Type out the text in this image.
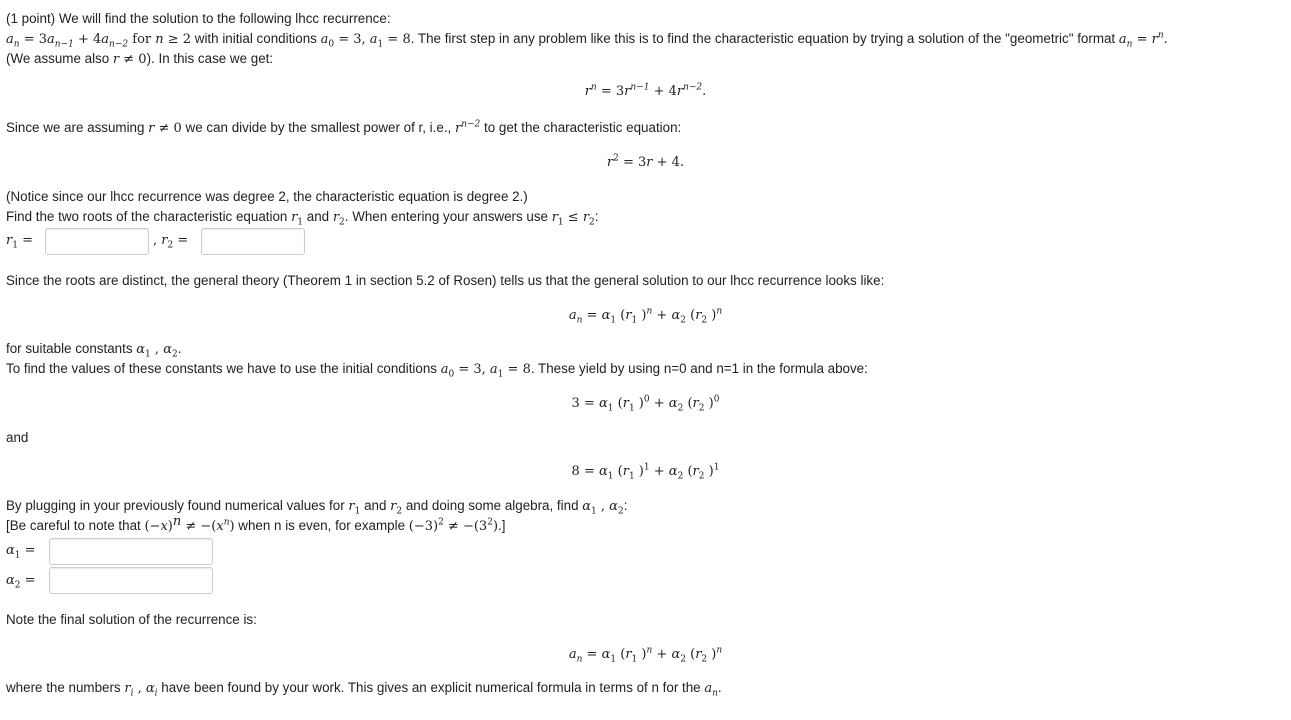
(1 point) We will find the solution to the following lhcc recurrence:
$a_n = 3a_{n-1} + 4a_{n-2}$ for n ≥ 2 with initial conditions $a_0 = 3$, $a_1 = 8$. The first step in any problem like this is to find the characteristic equation by trying a solution of the "geometric" format $a_n = r^n$.
(We assume also r ≠ 0). In this case we get:
$r^n = 3r^{n-1} + 4r^{n-2}$.
Since we are assuming r ≠ 0 we can divide by the smallest power of r, i.e., $r^{n-2}$ to get the characteristic equation:
$r^2 = 3r + 4$.
(Notice since our lhcc recurrence was degree 2, the characteristic equation is degree 2.)
Find the two roots of the characteristic equation $r_1$ and $r_2$. When entering your answers use $r_1 \le r_2$:
$r_1$ =	, $r_2$ =
Since the roots are distinct, the general theory (Theorem 1 in section 5.2 of Rosen) tells us that the general solution to our lhcc recurrence looks like:
$a_n = \alpha_1$ ($r_1$ )$^n + \alpha_2$ ($r_2$ )$^n$
for suitable constants $\alpha_1$ , $\alpha_2$.
To find the values of these constants we have to use the initial conditions $a_0 = 3$, $a_1 = 8$. These yield by using n=0 and n=1 in the formula above:
$3 = \alpha_1$ ($r_1$ )$^0 + \alpha_2$ ($r_2$ )$^0$
and
$8 = \alpha_1$ ($r_1$ )$^1 + \alpha_2$ ($r_2$ )$^1$
By plugging in your previously found numerical values for $r_1$ and $r_2$ and doing some algebra, find $\alpha_1$ , $\alpha_2$:
[Be careful to note that $(-x)^n \ne -(x^n)$ when n is even, for example $(-3)^2 \ne -(3^2)$.]
$\alpha_1$ =
$\alpha_2$ =
Note the final solution of the recurrence is:
$a_n = \alpha_1$ ($r_1$ )$^n + \alpha_2$ ($r_2$ )$^n$
where the numbers $r_i$ , $\alpha_i$ have been found by your work. This gives an explicit numerical formula in terms of n for the $a_n$.
